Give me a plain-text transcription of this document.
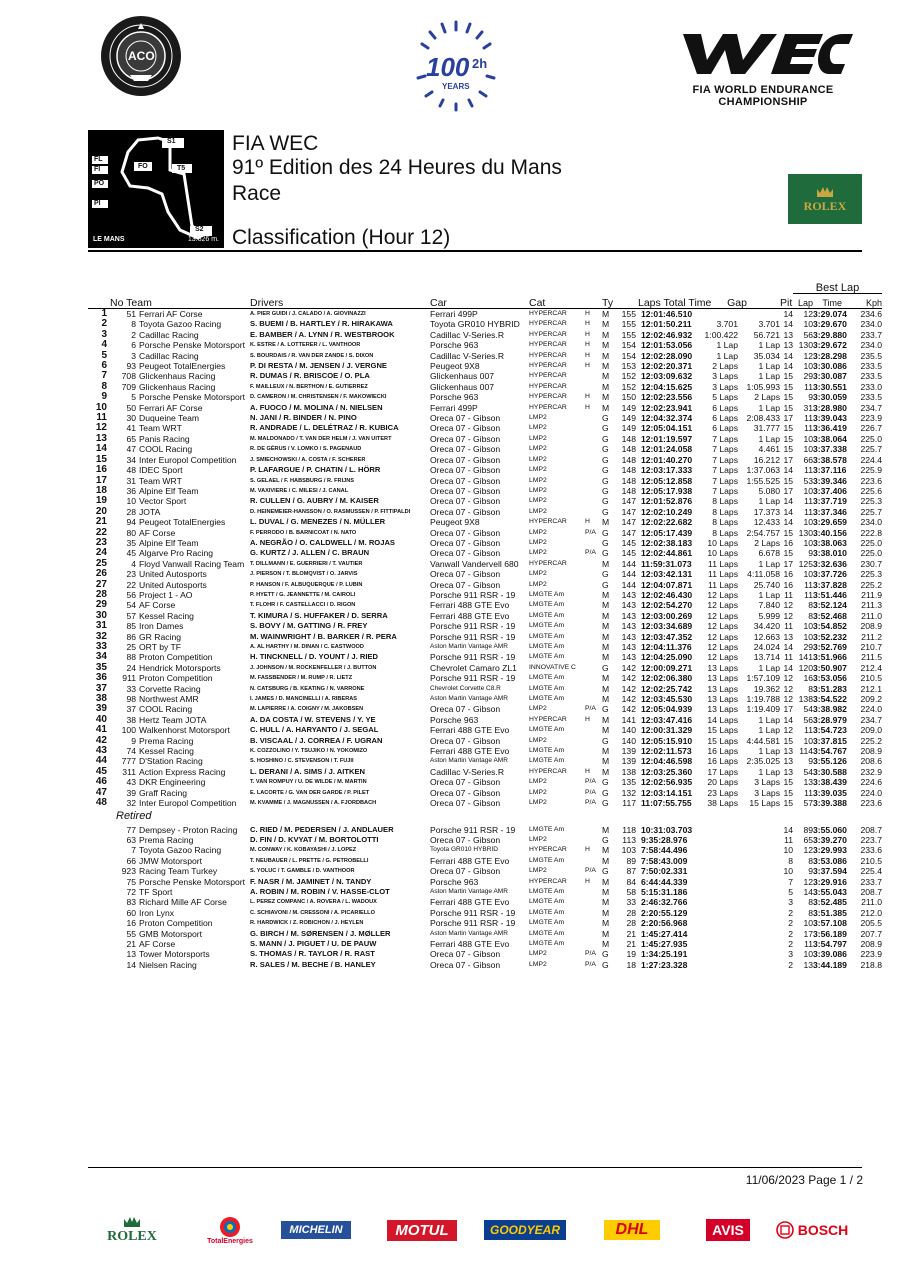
ACO	100 2h
YEARS	FIA WORLD ENDURANCE
CHAMPIONSHIP
S1
S2
FL
FI	FO	T5
PO
PI
LE MANS	13.626 m.
FIA WEC
91º Edition des 24 Heures du Mans
Race
Classification (Hour 12)
ROLEX
													Best Lap		
	No Team		Drivers	Car	Cat		Ty		Laps Total Time	Gap		Pit	Lap	Time	Kph
1	51	Ferrari AF Corse	A. PIER GUIDI / J. CALADO / A. GIOVINAZZI	Ferrari 499P	HYPERCAR	H	M	155	12:01:46.510			14	12	3:29.074	234.6
2	8	Toyota Gazoo Racing	S. BUEMI / B. HARTLEY / R. HIRAKAWA	Toyota GR010 HYBRID	HYPERCAR	H	M	155	12:01:50.211	3.701	3.701	14	10	3:29.670	234.0
3	2	Cadillac Racing	E. BAMBER / A. LYNN / R. WESTBROOK	Cadillac V-Series.R	HYPERCAR	H	M	155	12:02:46.932	1:00.422	56.721	13	56	3:29.880	233.7
4	6	Porsche Penske Motorsport	K. ESTRE / A. LOTTERER / L. VANTHOOR	Porsche 963	HYPERCAR	H	M	154	12:01:53.056	1 Lap	1 Lap	13	130	3:29.672	234.0
5	3	Cadillac Racing	S. BOURDAIS / R. VAN DER ZANDE / S. DIXON	Cadillac V-Series.R	HYPERCAR	H	M	154	12:02:28.090	1 Lap	35.034	14	12	3:28.298	235.5
6	93	Peugeot TotalEnergies	P. DI RESTA / M. JENSEN / J. VERGNE	Peugeot 9X8	HYPERCAR	H	M	153	12:02:20.371	2 Laps	1 Lap	14	10	3:30.086	233.5
7	708	Glickenhaus Racing	R. DUMAS / R. BRISCOE / O. PLA	Glickenhaus 007	HYPERCAR		M	152	12:03:09.632	3 Laps	1 Lap	15	29	3:30.087	233.5
8	709	Glickenhaus Racing	F. MAILLEUX / N. BERTHON / E. GUTIERREZ	Glickenhaus 007	HYPERCAR		M	152	12:04:15.625	3 Laps	1:05.993	15	11	3:30.551	233.0
9	5	Porsche Penske Motorsport	D. CAMERON / M. CHRISTENSEN / F. MAKOWIECKI	Porsche 963	HYPERCAR	H	M	150	12:02:23.556	5 Laps	2 Laps	15	9	3:30.059	233.5
10	50	Ferrari AF Corse	A. FUOCO / M. MOLINA / N. NIELSEN	Ferrari 499P	HYPERCAR	H	M	149	12:02:23.941	6 Laps	1 Lap	15	31	3:28.980	234.7
11	30	Duqueine Team	N. JANI / R. BINDER / N. PINO	Oreca 07 - Gibson	LMP2		G	149	12:04:32.374	6 Laps	2:08.433	17	11	3:39.043	223.9
12	41	Team WRT	R. ANDRADE / L. DELÉTRAZ / R. KUBICA	Oreca 07 - Gibson	LMP2		G	149	12:05:04.151	6 Laps	31.777	15	11	3:36.419	226.7
13	65	Panis Racing	M. MALDONADO / T. VAN DER HELM / J. VAN UITERT	Oreca 07 - Gibson	LMP2		G	148	12:01:19.597	7 Laps	1 Lap	15	10	3:38.064	225.0
14	47	COOL Racing	R. DE GÉRUS / V. LOMKO / S. PAGENAUD	Oreca 07 - Gibson	LMP2		G	148	12:01:24.058	7 Laps	4.461	15	10	3:37.338	225.7
15	34	Inter Europol Competition	J. SMIECHOWSKI / A. COSTA / F. SCHERER	Oreca 07 - Gibson	LMP2		G	148	12:01:40.270	7 Laps	16.212	17	66	3:38.578	224.4
16	48	IDEC Sport	P. LAFARGUE / P. CHATIN / L. HÖRR	Oreca 07 - Gibson	LMP2		G	148	12:03:17.333	7 Laps	1:37.063	14	11	3:37.116	225.9
17	31	Team WRT	S. GELAEL / F. HABSBURG / R. FRIJNS	Oreca 07 - Gibson	LMP2		G	148	12:05:12.858	7 Laps	1:55.525	15	53	3:39.346	223.6
18	36	Alpine Elf Team	M. VAXIVIERE / C. MILESI / J. CANAL	Oreca 07 - Gibson	LMP2		G	148	12:05:17.938	7 Laps	5.080	17	10	3:37.406	225.6
19	10	Vector Sport	R. CULLEN / G. AUBRY / M. KAISER	Oreca 07 - Gibson	LMP2		G	147	12:01:52.876	8 Laps	1 Lap	14	11	3:37.719	225.3
20	28	JOTA	D. HEINEMEIER-HANSSON / O. RASMUSSEN / P. FITTIPALDI	Oreca 07 - Gibson	LMP2		G	147	12:02:10.249	8 Laps	17.373	14	11	3:37.346	225.7
21	94	Peugeot TotalEnergies	L. DUVAL / G. MENEZES / N. MÜLLER	Peugeot 9X8	HYPERCAR	H	M	147	12:02:22.682	8 Laps	12.433	14	10	3:29.659	234.0
22	80	AF Corse	F. PERRODO / B. BARNICOAT / N. NATO	Oreca 07 - Gibson	LMP2	P/A	G	147	12:05:17.439	8 Laps	2:54.757	15	130	3:40.156	222.8
23	35	Alpine Elf Team	A. NEGRÃO / O. CALDWELL / M. ROJAS	Oreca 07 - Gibson	LMP2		G	145	12:02:38.183	10 Laps	2 Laps	16	10	3:38.063	225.0
24	45	Algarve Pro Racing	G. KURTZ / J. ALLEN / C. BRAUN	Oreca 07 - Gibson	LMP2	P/A	G	145	12:02:44.861	10 Laps	6.678	15	9	3:38.010	225.0
25	4	Floyd Vanwall Racing Team	T. DILLMANN / E. GUERRIERI / T. VAUTIER	Vanwall Vandervell 680	HYPERCAR		M	144	11:59:31.073	11 Laps	1 Lap	17	125	3:32.636	230.7
26	23	United Autosports	J. PIERSON / T. BLOMQVIST / O. JARVIS	Oreca 07 - Gibson	LMP2		G	144	12:03:42.131	11 Laps	4:11.058	16	10	3:37.726	225.3
27	22	United Autosports	P. HANSON / F. ALBUQUERQUE / P. LUBIN	Oreca 07 - Gibson	LMP2		G	144	12:04:07.871	11 Laps	25.740	16	11	3:37.828	225.2
28	56	Project 1 - AO	P. HYETT / G. JEANNETTE / M. CAIROLI	Porsche 911 RSR - 19	LMGTE Am		M	143	12:02:46.430	12 Laps	1 Lap	11	11	3:51.446	211.9
29	54	AF Corse	T. FLOHR / F. CASTELLACCI / D. RIGON	Ferrari 488 GTE Evo	LMGTE Am		M	143	12:02:54.270	12 Laps	7.840	12	8	3:52.124	211.3
30	57	Kessel Racing	T. KIMURA / S. HUFFAKER / D. SERRA	Ferrari 488 GTE Evo	LMGTE Am		M	143	12:03:00.269	12 Laps	5.999	12	8	3:52.468	211.0
31	85	Iron Dames	S. BOVY / M. GATTING / R. FREY	Porsche 911 RSR - 19	LMGTE Am		M	143	12:03:34.689	12 Laps	34.420	11	10	3:54.852	208.9
32	86	GR Racing	M. WAINWRIGHT / B. BARKER / R. PERA	Porsche 911 RSR - 19	LMGTE Am		M	143	12:03:47.352	12 Laps	12.663	13	10	3:52.232	211.2
33	25	ORT by TF	A. AL HARTHY / M. DINAN / C. EASTWOOD	Aston Martin Vantage AMR	LMGTE Am		M	143	12:04:11.376	12 Laps	24.024	14	29	3:52.769	210.7
34	88	Proton Competition	H. TINCKNELL / D. YOUNT / J. RIED	Porsche 911 RSR - 19	LMGTE Am		M	143	12:04:25.090	12 Laps	13.714	11	141	3:51.966	211.5
35	24	Hendrick Motorsports	J. JOHNSON / M. ROCKENFELLER / J. BUTTON	Chevrolet Camaro ZL1	INNOVATIVE C		G	142	12:00:09.271	13 Laps	1 Lap	14	120	3:50.907	212.4
36	911	Proton Competition	M. FASSBENDER / M. RUMP / R. LIETZ	Porsche 911 RSR - 19	LMGTE Am		M	142	12:02:06.380	13 Laps	1:57.109	12	16	3:53.056	210.5
37	33	Corvette Racing	N. CATSBURG / B. KEATING / N. VARRONE	Chevrolet Corvette C8.R	LMGTE Am		M	142	12:02:25.742	13 Laps	19.362	12	8	3:51.283	212.1
38	98	Northwest AMR	I. JAMES / D. MANCINELLI / A. RIBERAS	Aston Martin Vantage AMR	LMGTE Am		M	142	12:03:45.530	13 Laps	1:19.788	12	138	3:54.522	209.2
39	37	COOL Racing	M. LAPIERRE / A. COIGNY / M. JAKOBSEN	Oreca 07 - Gibson	LMP2	P/A	G	142	12:05:04.939	13 Laps	1:19.409	17	54	3:38.982	224.0
40	38	Hertz Team JOTA	A. DA COSTA / W. STEVENS / Y. YE	Porsche 963	HYPERCAR	H	M	141	12:03:47.416	14 Laps	1 Lap	14	56	3:28.979	234.7
41	100	Walkenhorst Motorsport	C. HULL / A. HARYANTO / J. SEGAL	Ferrari 488 GTE Evo	LMGTE Am		M	140	12:00:31.329	15 Laps	1 Lap	12	11	3:54.723	209.0
42	9	Prema Racing	B. VISCAAL / J. CORREA / F. UGRAN	Oreca 07 - Gibson	LMP2		G	140	12:05:15.910	15 Laps	4:44.581	15	10	3:37.815	225.2
43	74	Kessel Racing	K. COZZOLINO / Y. TSUJIKO / N. YOKOMIZO	Ferrari 488 GTE Evo	LMGTE Am		M	139	12:02:11.573	16 Laps	1 Lap	13	114	3:54.767	208.9
44	777	D'Station Racing	S. HOSHINO / C. STEVENSON / T. FUJII	Aston Martin Vantage AMR	LMGTE Am		M	139	12:04:46.598	16 Laps	2:35.025	13	9	3:55.126	208.6
45	311	Action Express Racing	L. DERANI / A. SIMS / J. AITKEN	Cadillac V-Series.R	HYPERCAR	H	M	138	12:03:25.360	17 Laps	1 Lap	13	54	3:30.588	232.9
46	43	DKR Engineering	T. VAN ROMPUY / U. DE WILDE / M. MARTIN	Oreca 07 - Gibson	LMP2	P/A	G	135	12:02:56.935	20 Laps	3 Laps	15	13	3:38.439	224.6
47	39	Graff Racing	E. LACORTE / G. VAN DER GARDE / P. PILET	Oreca 07 - Gibson	LMP2	P/A	G	132	12:03:14.151	23 Laps	3 Laps	15	11	3:39.035	224.0
48	32	Inter Europol Competition	M. KVAMME / J. MAGNUSSEN / A. FJORDBACH	Oreca 07 - Gibson	LMP2	P/A	G	117	11:07:55.755	38 Laps	15 Laps	15	57	3:39.388	223.6
	Retired														
	77	Dempsey - Proton Racing	C. RIED / M. PEDERSEN / J. ANDLAUER	Porsche 911 RSR - 19	LMGTE Am		M	118	10:31:03.703			14	89	3:55.060	208.7
	63	Prema Racing	D. FIN / D. KVYAT / M. BORTOLOTTI	Oreca 07 - Gibson	LMP2		G	113	9:35:28.976			11	65	3:39.270	223.7
	7	Toyota Gazoo Racing	M. CONWAY / K. KOBAYASHI / J. LOPEZ	Toyota GR010 HYBRID	HYPERCAR	H	M	103	7:58:44.496			10	12	3:29.993	233.6
	66	JMW Motorsport	T. NEUBAUER / L. PRETTE / G. PETROBELLI	Ferrari 488 GTE Evo	LMGTE Am		M	89	7:58:43.009			8	8	3:53.086	210.5
	923	Racing Team Turkey	S. YOLUC / T. GAMBLE / D. VANTHOOR	Oreca 07 - Gibson	LMP2	P/A	G	87	7:50:02.331			10	9	3:37.594	225.4
	75	Porsche Penske Motorsport	F. NASR / M. JAMINET / N. TANDY	Porsche 963	HYPERCAR	H	M	84	6:44:44.339			7	12	3:29.916	233.7
	72	TF Sport	A. ROBIN / M. ROBIN / V. HASSE-CLOT	Aston Martin Vantage AMR	LMGTE Am		M	58	5:15:31.186			5	14	3:55.043	208.7
	83	Richard Mille AF Corse	L. PEREZ COMPANC / A. ROVERA / L. WADOUX	Ferrari 488 GTE Evo	LMGTE Am		M	33	2:46:32.766			3	8	3:52.485	211.0
	60	Iron Lynx	C. SCHIAVONI / M. CRESSONI / A. PICARIELLO	Porsche 911 RSR - 19	LMGTE Am		M	28	2:20:55.129			2	8	3:51.385	212.0
	16	Proton Competition	R. HARDWICK / Z. ROBICHON / J. HEYLEN	Porsche 911 RSR - 19	LMGTE Am		M	28	2:20:56.968			2	10	3:57.108	205.5
	55	GMB Motorsport	G. BIRCH / M. SØRENSEN / J. MØLLER	Aston Martin Vantage AMR	LMGTE Am		M	21	1:45:27.414			2	17	3:56.189	207.7
	21	AF Corse	S. MANN / J. PIGUET / U. DE PAUW	Ferrari 488 GTE Evo	LMGTE Am		M	21	1:45:27.935			2	11	3:54.797	208.9
	13	Tower Motorsports	S. THOMAS / R. TAYLOR / R. RAST	Oreca 07 - Gibson	LMP2	P/A	G	19	1:34:25.191			3	10	3:39.086	223.9
	14	Nielsen Racing	R. SALES / M. BECHE / B. HANLEY	Oreca 07 - Gibson	LMP2	P/A	G	18	1:27:23.328			2	13	3:44.189	218.8
11/06/2023 Page 1 / 2
ROLEX	TotalEnergies
MICHELIN	MOTUL	GOODYEAR	DHL	AVIS	BOSCH
